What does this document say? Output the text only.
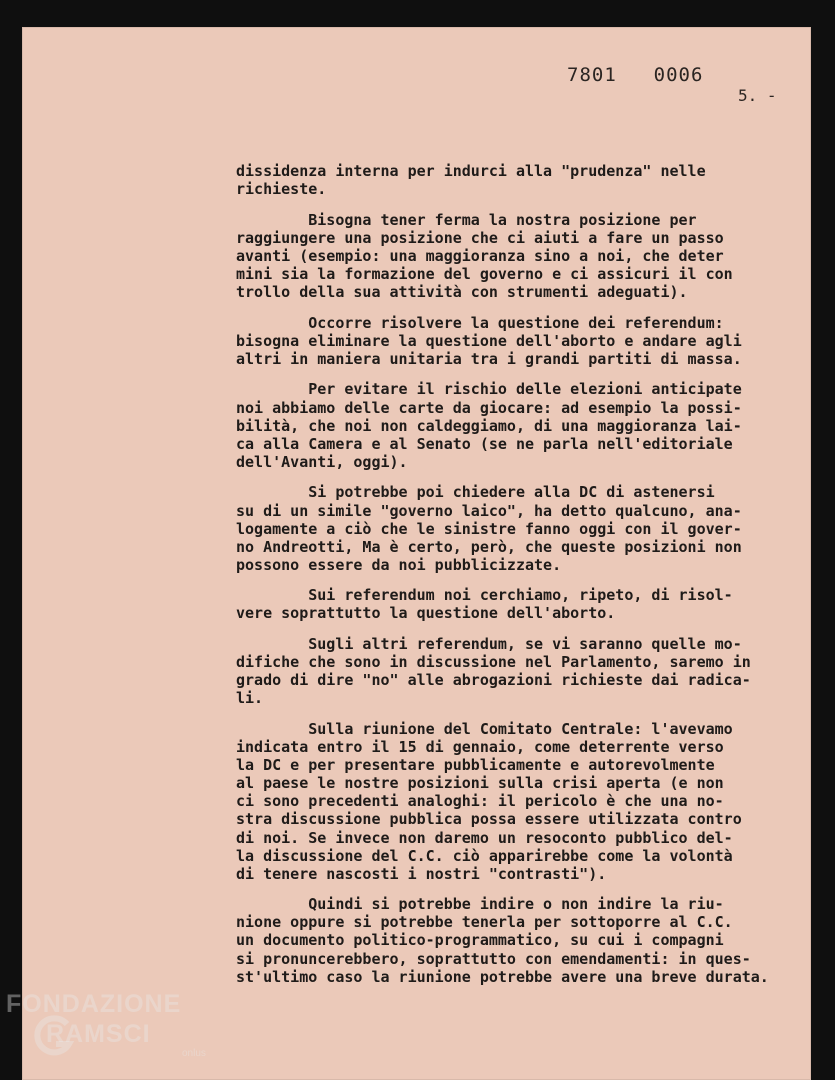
7801  0006
5. -
dissidenza interna per indurci alla "prudenza" nelle
richieste.
Bisogna tener ferma la nostra posizione per
raggiungere una posizione che ci aiuti a fare un passo
avanti (esempio: una maggioranza sino a noi, che deter
mini sia la formazione del governo e ci assicuri il con
trollo della sua attività con strumenti adeguati).
Occorre risolvere la questione dei referendum:
bisogna eliminare la questione dell'aborto e andare agli
altri in maniera unitaria tra i grandi partiti di massa.
Per evitare il rischio delle elezioni anticipate
noi abbiamo delle carte da giocare: ad esempio la possi-
bilità, che noi non caldeggiamo, di una maggioranza lai-
ca alla Camera e al Senato (se ne parla nell'editoriale
dell'Avanti, oggi).
Si potrebbe poi chiedere alla DC di astenersi
su di un simile "governo laico", ha detto qualcuno, ana-
logamente a ciò che le sinistre fanno oggi con il gover-
no Andreotti, Ma è certo, però, che queste posizioni non
possono essere da noi pubblicizzate.
Sui referendum noi cerchiamo, ripeto, di risol-
vere soprattutto la questione dell'aborto.
Sugli altri referendum, se vi saranno quelle mo-
difiche che sono in discussione nel Parlamento, saremo in
grado di dire "no" alle abrogazioni richieste dai radica-
li.
Sulla riunione del Comitato Centrale: l'avevamo
indicata entro il 15 di gennaio, come deterrente verso
la DC e per presentare pubblicamente e autorevolmente
al paese le nostre posizioni sulla crisi aperta (e non
ci sono precedenti analoghi: il pericolo è che una no-
stra discussione pubblica possa essere utilizzata contro
di noi. Se invece non daremo un resoconto pubblico del-
la discussione del C.C. ciò apparirebbe come la volontà
di tenere nascosti i nostri "contrasti").
Quindi si potrebbe indire o non indire la riu-
nione oppure si potrebbe tenerla per sottoporre al C.C.
un documento politico-programmatico, su cui i compagni
si pronuncerebbero, soprattutto con emendamenti: in ques-
st'ultimo caso la riunione potrebbe avere una breve durata.
FONDAZIONE
RAMSCI
onlus
